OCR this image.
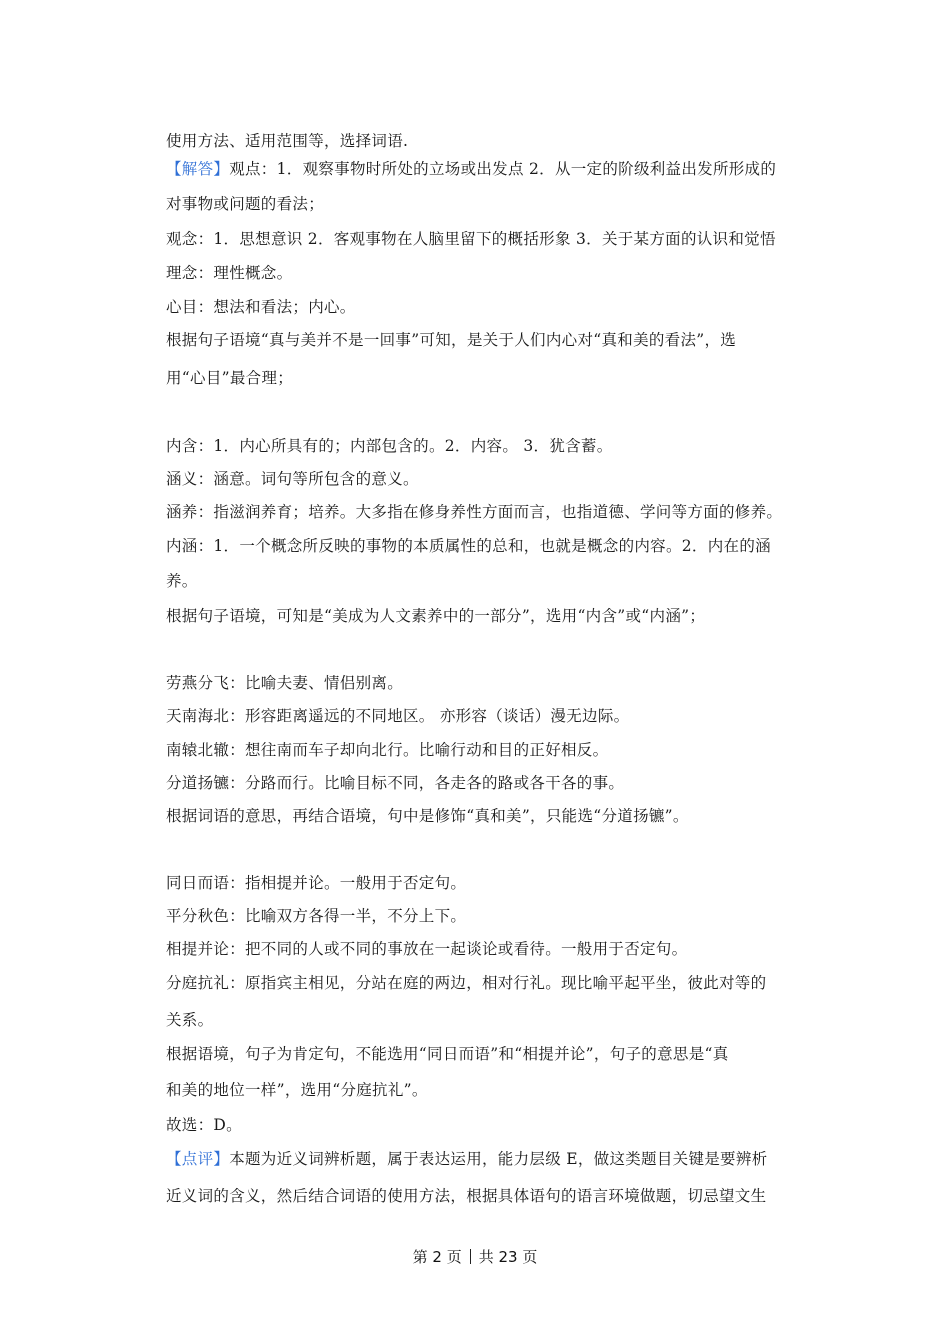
使用方法、适用范围等，选择词语.
【解答】观点：1．观察事物时所处的立场或出发点 2．从一定的阶级利益出发所形成的
对事物或问题的看法；
观念：1．思想意识 2．客观事物在人脑里留下的概括形象 3．关于某方面的认识和觉悟
理念：理性概念。
心目：想法和看法；内心。
根据句子语境“真与美并不是一回事”可知，是关于人们内心对“真和美的看法”，选
用“心目”最合理；
内含：1．内心所具有的；内部包含的。2．内容。 3．犹含蓄。
涵义：涵意。词句等所包含的意义。
涵养：指滋润养育；培养。大多指在修身养性方面而言，也指道德、学问等方面的修养。
内涵：1．一个概念所反映的事物的本质属性的总和，也就是概念的内容。2．内在的涵
养。
根据句子语境，可知是“美成为人文素养中的一部分”，选用“内含”或“内涵”；
劳燕分飞：比喻夫妻、情侣别离。
天南海北：形容距离遥远的不同地区。 亦形容（谈话）漫无边际。
南辕北辙：想往南而车子却向北行。比喻行动和目的正好相反。
分道扬镳：分路而行。比喻目标不同，各走各的路或各干各的事。
根据词语的意思，再结合语境，句中是修饰“真和美”，只能选“分道扬镳”。
同日而语：指相提并论。一般用于否定句。
平分秋色：比喻双方各得一半，不分上下。
相提并论：把不同的人或不同的事放在一起谈论或看待。一般用于否定句。
分庭抗礼：原指宾主相见，分站在庭的两边，相对行礼。现比喻平起平坐，彼此对等的
关系。
根据语境，句子为肯定句，不能选用“同日而语”和“相提并论”，句子的意思是“真
和美的地位一样”，选用“分庭抗礼”。
故选：D。
【点评】本题为近义词辨析题，属于表达运用，能力层级 E，做这类题目关键是要辨析
近义词的含义，然后结合词语的使用方法，根据具体语句的语言环境做题，切忌望文生
第 2 页 共 23 页
